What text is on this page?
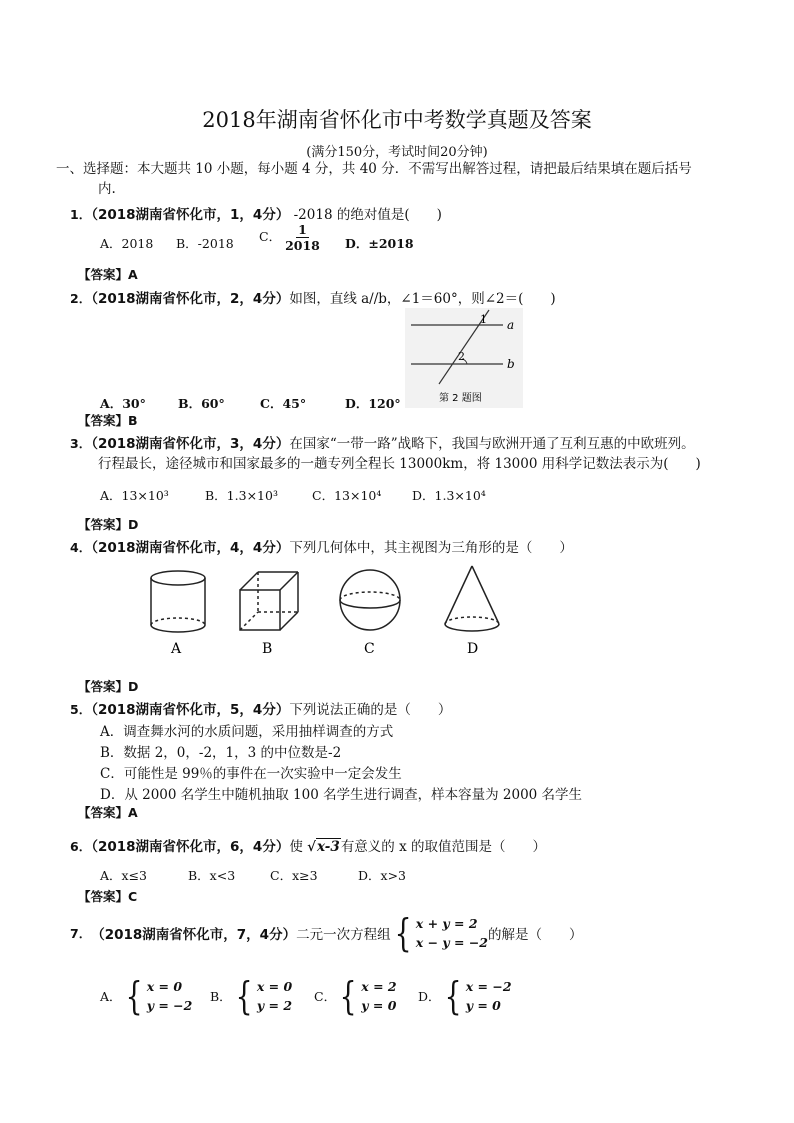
2018年湖南省怀化市中考数学真题及答案
(满分150分，考试时间20分钟)
一、选择题：本大题共 10 小题，每小题 4 分，共 40 分．不需写出解答过程，请把最后结果填在题后括号
内.
1．（2018湖南省怀化市，1，4分） -2018 的绝对值是(　　)
A．2018 B．-2018 C． $\frac{1}{2018}$ D．±2018
【答案】A
2．（2018湖南省怀化市，2，4分）如图，直线 a//b，∠1＝60°，则∠2＝(　　)
a
b
1
2
第 2 题图
A．30°	B．60°	C．45°	D．120°
【答案】B
3．（2018湖南省怀化市，3，4分）在国家“一带一路”战略下，我国与欧洲开通了互利互惠的中欧班列。
行程最长，途径城市和国家最多的一趟专列全程长 13000km，将 13000 用科学记数法表示为(　　)
A．13×10³	B．1.3×10³	C．13×10⁴ D．1.3×10⁴
【答案】D
4．（2018湖南省怀化市，4，4分）下列几何体中，其主视图为三角形的是（　　）
A	B	C	D
【答案】D
5．（2018湖南省怀化市，5，4分）下列说法正确的是（　　）
A．调查舞水河的水质问题，采用抽样调查的方式
B．数据 2，0，-2，1，3 的中位数是-2
C．可能性是 99％的事件在一次实验中一定会发生
D．从 2000 名学生中随机抽取 100 名学生进行调查，样本容量为 2000 名学生
【答案】A
6．（2018湖南省怀化市，6，4分）使 √x-3有意义的 x 的取值范围是（　　）
A．x≤3	B．x<3	C．x≥3	D．x>3
【答案】C
7． （2018湖南省怀化市，7，4分） 二元一次方程组 { x + y = 2
x − y = −2 的解是（　　）
A． { x = 0
y = −2
B． { x = 0
y = 2
C． { x = 2
y = 0
D． { x = −2
y = 0
